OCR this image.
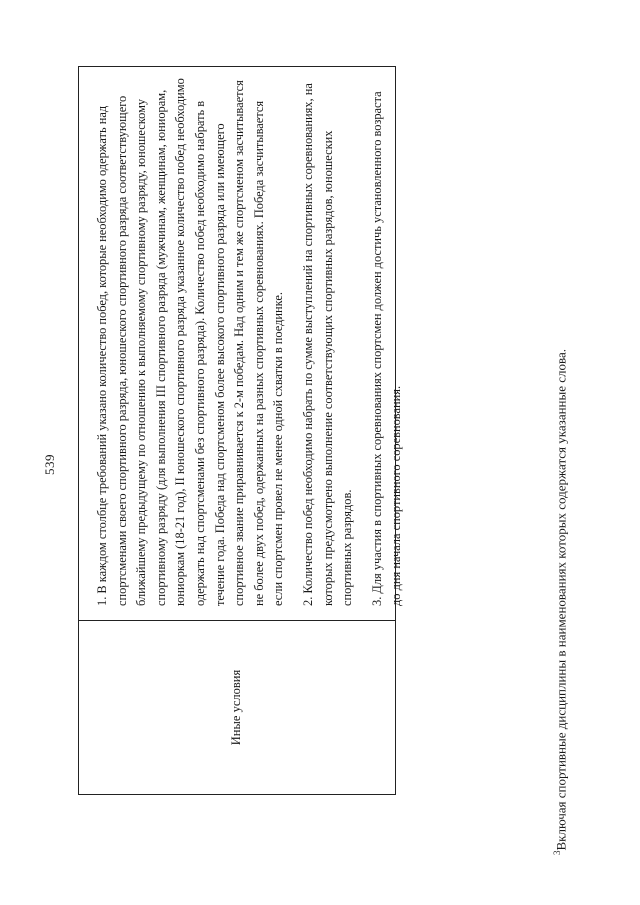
539
Иные условия

1. В каждом столбце требований указано количество побед, которые необходимо одержать над спортсменами своего спортивного разряда, юношеского спортивного разряда соответствующего ближайшему предыдущему по отношению к выполняемому спортивному разряду, юношескому спортивному разряду (для выполнения III спортивного разряда (мужчинам, женщинам, юниорам, юниоркам (18-21 год), II юношеского спортивного разряда указанное количество побед необходимо одержать над спортсменами без спортивного разряда). Количество побед необходимо набрать в течение года. Победа над спортсменом более высокого спортивного разряда или имеющего спортивное звание приравнивается к 2-м победам. Над одним и тем же спортсменом засчитывается не более двух побед, одержанных на разных спортивных соревнованиях. Победа засчитывается если спортсмен провел не менее одной схватки в поединке. 2. Количество побед необходимо набрать по сумме выступлений на спортивных соревнованиях, на которых предусмотрено выполнение соответствующих спортивных разрядов, юношеских спортивных разрядов. 3. Для участия в спортивных соревнованиях спортсмен должен достичь установленного возраста до дня начала спортивного соревнования.

$^3$Включая спортивные дисциплины в наименованиях которых содержатся указанные слова.
